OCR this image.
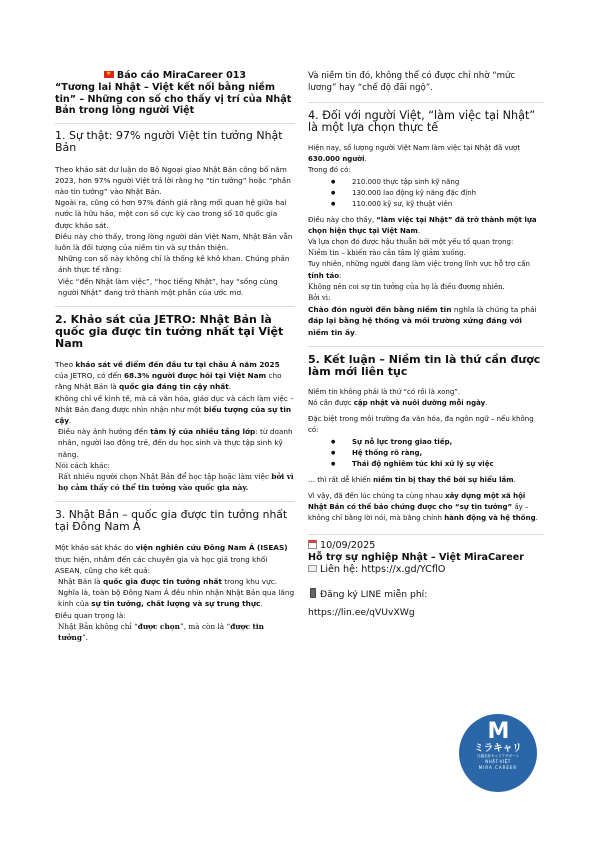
★Báo cáo MiraCareer 013
“Tương lai Nhật – Việt kết nối bằng niềm tin” – Những con số cho thấy vị trí của Nhật Bản trong lòng người Việt
1. Sự thật: 97% người Việt tin tưởng Nhật Bản
Theo khảo sát dư luận do Bộ Ngoại giao Nhật Bản công bố năm 2023, hơn 97% người Việt trả lời rằng họ “tin tưởng” hoặc “phần nào tin tưởng” vào Nhật Bản.
Ngoài ra, cũng có hơn 97% đánh giá rằng mối quan hệ giữa hai nước là hữu hảo, một con số cực kỳ cao trong số 10 quốc gia được khảo sát.
Điều này cho thấy, trong lòng người dân Việt Nam, Nhật Bản vẫn luôn là đối tượng của niềm tin và sự thân thiện.
Những con số này không chỉ là thống kê khô khan. Chúng phản ánh thực tế rằng:
Việc “đến Nhật làm việc”, “học tiếng Nhật”, hay “sống cùng người Nhật” đang trở thành một phần của ước mơ.
2. Khảo sát của JETRO: Nhật Bản là quốc gia được tin tưởng nhất tại Việt Nam
Theo khảo sát về điểm đến đầu tư tại châu Á năm 2025 của JETRO, có đến 68.3% người được hỏi tại Việt Nam cho rằng Nhật Bản là quốc gia đáng tin cậy nhất.
Không chỉ về kinh tế, mà cả văn hóa, giáo dục và cách làm việc – Nhật Bản đang được nhìn nhận như một biểu tượng của sự tin cậy.
Điều này ảnh hưởng đến tâm lý của nhiều tầng lớp: từ doanh nhân, người lao động trẻ, đến du học sinh và thực tập sinh kỹ năng.
Nói cách khác:
Rất nhiều người chọn Nhật Bản để học tập hoặc làm việc bởi vì họ cảm thấy có thể tin tưởng vào quốc gia này.
3. Nhật Bản – quốc gia được tin tưởng nhất tại Đông Nam Á
Một khảo sát khác do viện nghiên cứu Đông Nam Á (ISEAS) thực hiện, nhắm đến các chuyên gia và học giả trong khối ASEAN, cũng cho kết quả:
Nhật Bản là quốc gia được tin tưởng nhất trong khu vực.
Nghĩa là, toàn bộ Đông Nam Á đều nhìn nhận Nhật Bản qua lăng kính của sự tin tưởng, chất lượng và sự trung thực.
Điều quan trọng là:
Nhật Bản không chỉ “được chọn”, mà còn là “được tin tưởng”.
Và niềm tin đó, không thể có được chỉ nhờ “mức lương” hay “chế độ đãi ngộ”.
4. Đối với người Việt, “làm việc tại Nhật” là một lựa chọn thực tế
Hiện nay, số lượng người Việt Nam làm việc tại Nhật đã vượt 630.000 người.
Trong đó có:
● 210.000 thực tập sinh kỹ năng
● 130.000 lao động kỹ năng đặc định
● 110.000 kỹ sư, kỹ thuật viên
Điều này cho thấy, “làm việc tại Nhật” đã trở thành một lựa chọn hiện thực tại Việt Nam.
Và lựa chọn đó được hậu thuẫn bởi một yếu tố quan trọng:
Niềm tin – khiến rào cản tâm lý giảm xuống.
Tuy nhiên, những người đang làm việc trong lĩnh vực hỗ trợ cần tỉnh táo:
Không nên coi sự tin tưởng của họ là điều đương nhiên.
Bởi vì:
Chào đón người đến bằng niềm tin nghĩa là chúng ta phải đáp lại bằng hệ thống và môi trường xứng đáng với niềm tin ấy.
5. Kết luận – Niềm tin là thứ cần được làm mới liên tục
Niềm tin không phải là thứ “có rồi là xong”.
Nó cần được cập nhật và nuôi dưỡng mỗi ngày.
Đặc biệt trong môi trường đa văn hóa, đa ngôn ngữ – nếu không có:
● Sự nỗ lực trong giao tiếp,
● Hệ thống rõ ràng,
● Thái độ nghiêm túc khi xử lý sự việc
… thì rất dễ khiến niềm tin bị thay thế bởi sự hiểu lầm.
Vì vậy, đã đến lúc chúng ta cùng nhau xây dựng một xã hội Nhật Bản có thể bảo chứng được cho “sự tin tưởng” ấy – không chỉ bằng lời nói, mà bằng chính hành động và hệ thống.
10/09/2025
Hỗ trợ sự nghiệp Nhật – Việt MiraCareer
Liên hệ: https://x.gd/YCflO
Đăng ký LINE miễn phí:
https://lin.ee/qVUvXWg
M
ミラキャリ
日越友好キャリアサポート
NHẬT-VIỆT
MIRA CAREER
